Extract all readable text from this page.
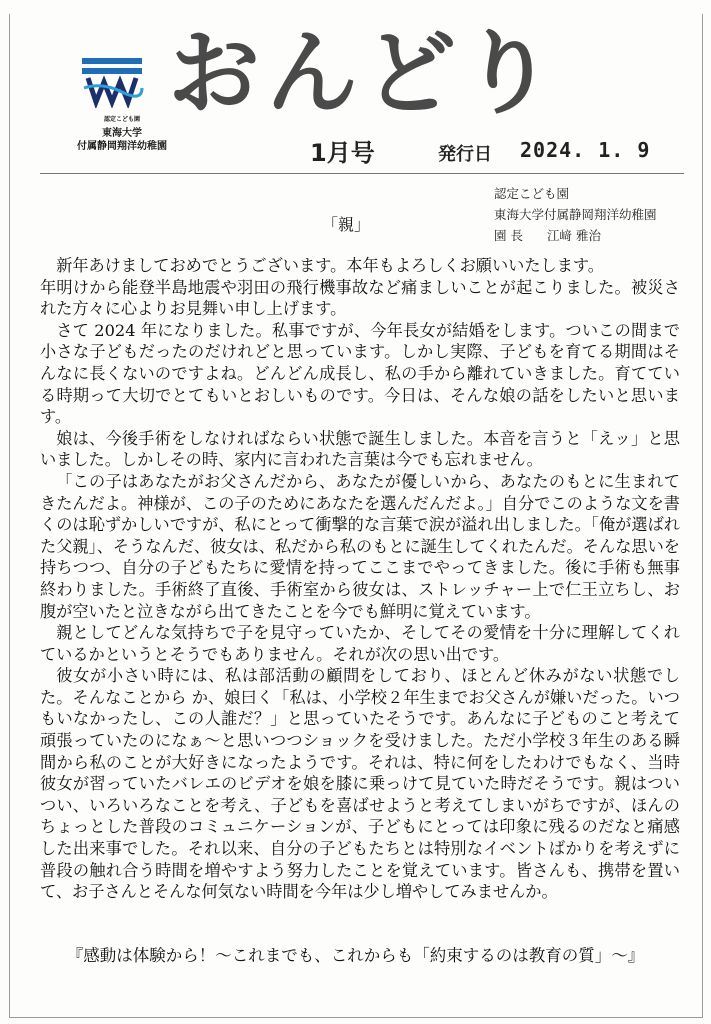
認定こども園
東海大学
付属静岡翔洋幼稚園
おんどり
1月号	発行日 2024. 1. 9
認定こども園
東海大学付属静岡翔洋幼稚園
園 長 江﨑 雅治
「親」

新年あけましておめでとうございます。本年もよろしくお願いいたします。

年明けから能登半島地震や羽田の飛行機事故など痛ましいことが起こりました。被災された方々に心よりお見舞い申し上げます。

さて 2024 年になりました。私事ですが、今年長女が結婚をします。ついこの間まで小さな子どもだったのだけれどと思っています。しかし実際、子どもを育てる期間はそんなに長くないのですよね。どんどん成長し、私の手から離れていきました。育てている時期って大切でとてもいとおしいものです。今日は、そんな娘の話をしたいと思います。

娘は、今後手術をしなければならい状態で誕生しました。本音を言うと「えッ」と思いました。しかしその時、家内に言われた言葉は今でも忘れません。

「この子はあなたがお父さんだから、あなたが優しいから、あなたのもとに生まれてきたんだよ。神様が、この子のためにあなたを選んだんだよ。」自分でこのような文を書くのは恥ずかしいですが、私にとって衝撃的な言葉で涙が溢れ出しました。「俺が選ばれた父親」、そうなんだ、彼女は、私だから私のもとに誕生してくれたんだ。そんな思いを持ちつつ、自分の子どもたちに愛情を持ってここまでやってきました。後に手術も無事終わりました。手術終了直後、手術室から彼女は、ストレッチャー上で仁王立ちし、お腹が空いたと泣きながら出てきたことを今でも鮮明に覚えています。

親としてどんな気持ちで子を見守っていたか、そしてその愛情を十分に理解してくれているかというとそうでもありません。それが次の思い出です。

彼女が小さい時には、私は部活動の顧問をしており、ほとんど休みがない状態でした。そんなことから か、娘曰く「私は、小学校２年生までお父さんが嫌いだった。いつもいなかったし、この人誰だ？」と思っていたそうです。あんなに子どものこと考えて頑張っていたのになぁ～と思いつつショックを受けました。ただ小学校３年生のある瞬間から私のことが大好きになったようです。それは、特に何をしたわけでもなく、当時彼女が習っていたバレエのビデオを娘を膝に乗っけて見ていた時だそうです。親はついつい、いろいろなことを考え、子どもを喜ばせようと考えてしまいがちですが、ほんのちょっとした普段のコミュニケーションが、子どもにとっては印象に残るのだなと痛感した出来事でした。それ以来、自分の子どもたちとは特別なイベントばかりを考えずに普段の触れ合う時間を増やすよう努力したことを覚えています。皆さんも、携帯を置いて、お子さんとそんな何気ない時間を今年は少し増やしてみませんか。

『感動は体験から！～これまでも、これからも「約束するのは教育の質」～』
